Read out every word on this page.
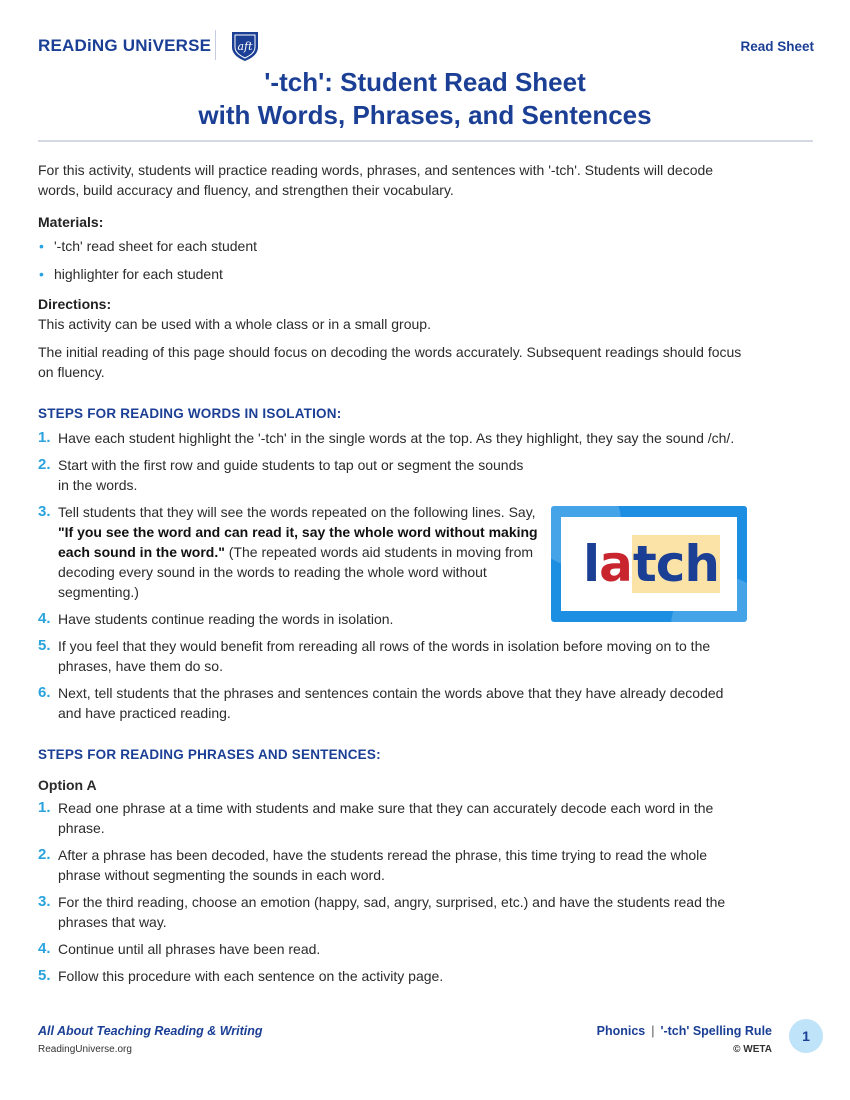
READiNG UNiVERSE aft	Read Sheet
'-tch': Student Read Sheet
with Words, Phrases, and Sentences

For this activity, students will practice reading words, phrases, and sentences with '-tch'. Students will decode words, build accuracy and fluency, and strengthen their vocabulary.

Materials:

• '-tch' read sheet for each student
• highlighter for each student

Directions:

This activity can be used with a whole class or in a small group.

The initial reading of this page should focus on decoding the words accurately. Subsequent readings should focus on fluency.

STEPS FOR READING WORDS IN ISOLATION:

1. Have each student highlight the '-tch' in the single words at the top. As they highlight, they say the sound /ch/.
2. Start with the first row and guide students to tap out or segment the sounds in the words.
3. Tell students that they will see the words repeated on the following lines. Say, "If you see the word and can read it, say the whole word without making each sound in the word." (The repeated words aid students in moving from decoding every sound in the words to reading the whole word without segmenting.)
4. Have students continue reading the words in isolation.
5. If you feel that they would benefit from rereading all rows of the words in isolation before moving on to the phrases, have them do so.
6. Next, tell students that the phrases and sentences contain the words above that they have already decoded and have practiced reading.

STEPS FOR READING PHRASES AND SENTENCES:

Option A

1. Read one phrase at a time with students and make sure that they can accurately decode each word in the phrase.
2. After a phrase has been decoded, have the students reread the phrase, this time trying to read the whole phrase without segmenting the sounds in each word.
3. For the third reading, choose an emotion (happy, sad, angry, surprised, etc.) and have the students read the phrases that way.
4. Continue until all phrases have been read.
5. Follow this procedure with each sentence on the activity page.
latch
All About Teaching Reading & Writing
ReadingUniverse.org
Phonics | '-tch' Spelling Rule
© WETA
1
